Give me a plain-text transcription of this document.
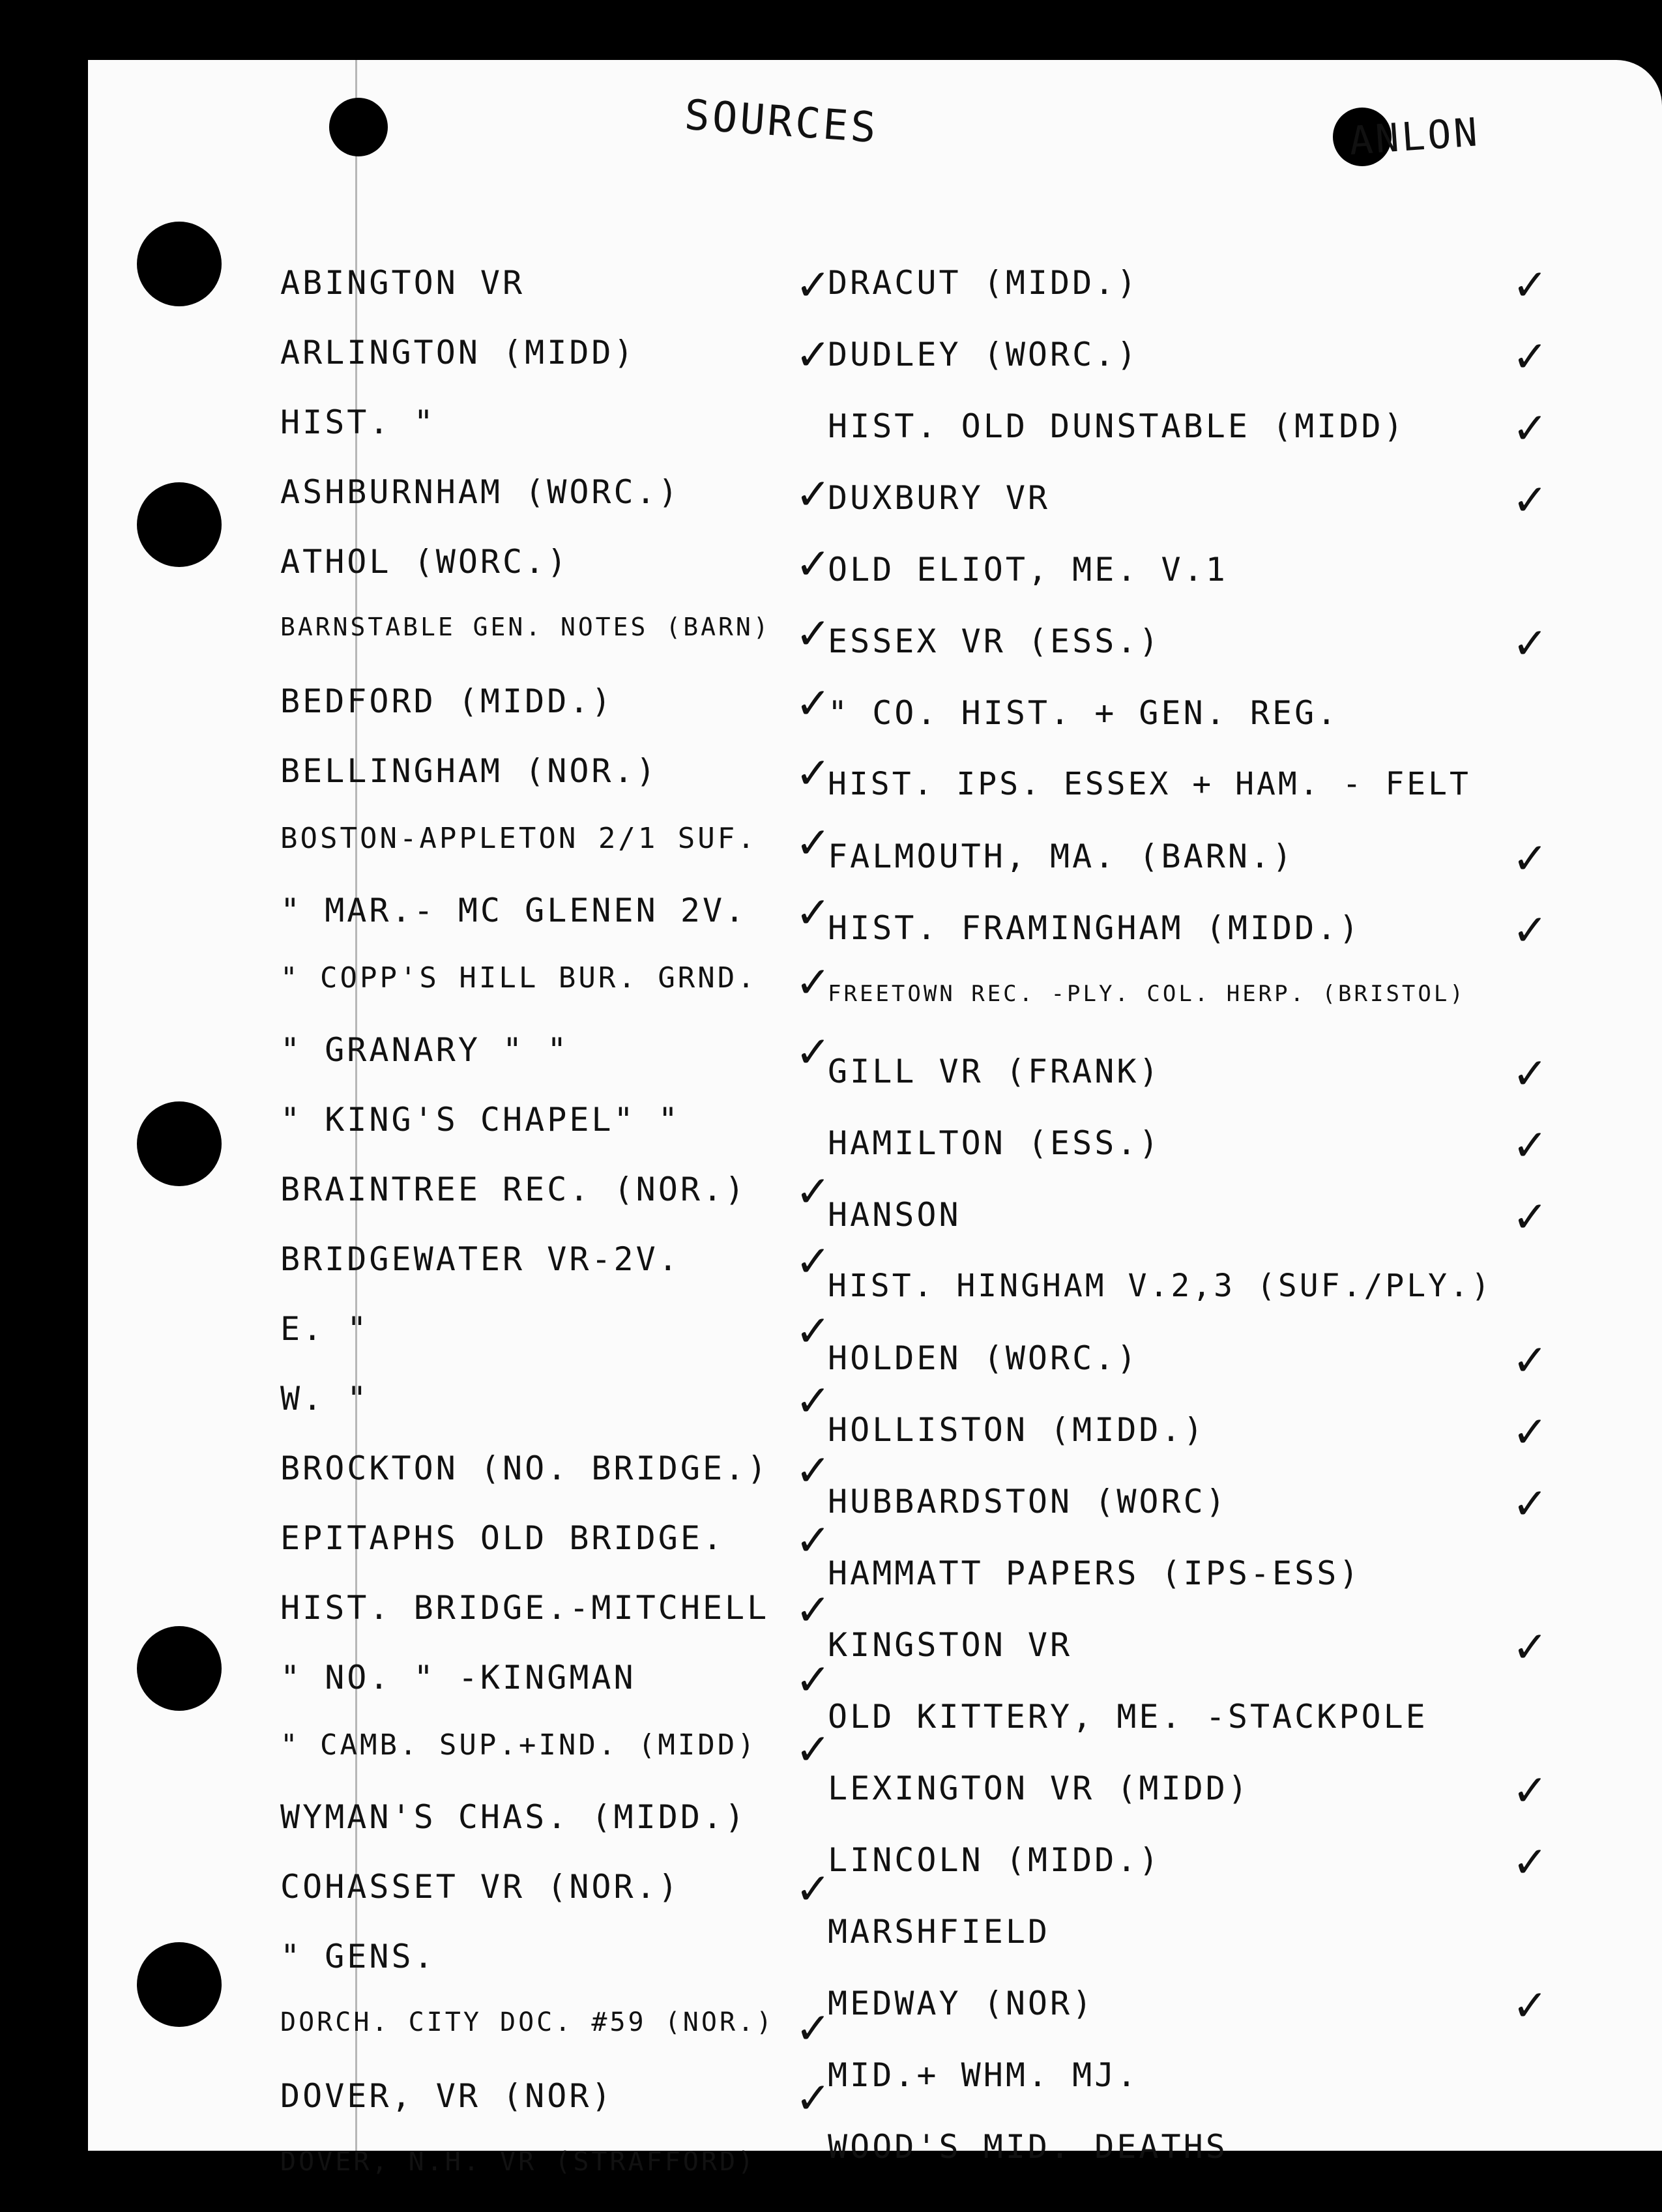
SOURCES	ANLON
ABINGTON VR	✓
ARLINGTON (MIDD)	✓
HIST. "
ASHBURNHAM (WORC.)	✓
ATHOL (WORC.)	✓
BARNSTABLE GEN. NOTES (BARN) ✓
BEDFORD (MIDD.)	✓
BELLINGHAM (NOR.)	✓
BOSTON-APPLETON 2/1 SUF. ✓
" MAR.- MC GLENEN 2V. ✓
" COPP'S HILL BUR. GRND. ✓
" GRANARY " "	✓
" KING'S CHAPEL" "
BRAINTREE REC. (NOR.) ✓
BRIDGEWATER VR-2V.	✓
E. "	✓
W. "	✓
BROCKTON (NO. BRIDGE.) ✓
EPITAPHS OLD BRIDGE. ✓
HIST. BRIDGE.-MITCHELL ✓
" NO. " -KINGMAN	✓
" CAMB. SUP.+IND. (MIDD) ✓
WYMAN'S CHAS. (MIDD.)
COHASSET VR (NOR.)	✓
" GENS.
DORCH. CITY DOC. #59 (NOR.) ✓
DOVER, VR (NOR)	✓
DOVER, N.H. VR (STRAFFORD)
DRACUT (MIDD.)	✓
DUDLEY (WORC.)	✓
HIST. OLD DUNSTABLE (MIDD) ✓
DUXBURY VR	✓
OLD ELIOT, ME. V.1
ESSEX VR (ESS.)	✓
" CO. HIST. + GEN. REG.
HIST. IPS. ESSEX + HAM. - FELT
FALMOUTH, MA. (BARN.)	✓
HIST. FRAMINGHAM (MIDD.)	✓
FREETOWN REC. -PLY. COL. HERP. (BRISTOL)
GILL VR (FRANK)	✓
HAMILTON (ESS.)	✓
HANSON	✓
HIST. HINGHAM V.2,3 (SUF./PLY.)
HOLDEN (WORC.)	✓
HOLLISTON (MIDD.)	✓
HUBBARDSTON (WORC)	✓
HAMMATT PAPERS (IPS-ESS)
KINGSTON VR	✓
OLD KITTERY, ME. -STACKPOLE
LEXINGTON VR (MIDD)	✓
LINCOLN (MIDD.)	✓
MARSHFIELD
MEDWAY (NOR)	✓
MID.+ WHM. MJ.
WOOD'S MID. DEATHS
